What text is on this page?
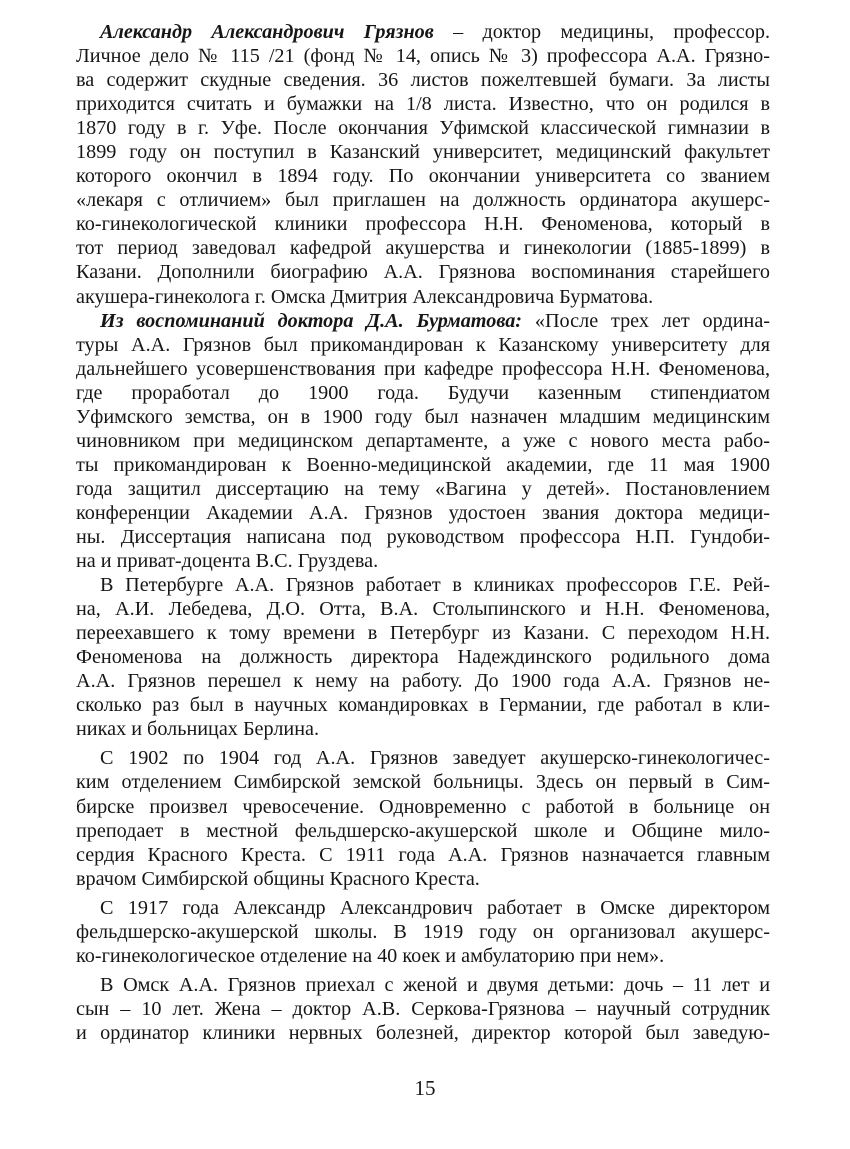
Александр Александрович Грязнов – доктор медицины, профессор.
Личное дело № 115 /21 (фонд № 14, опись № 3) профессора А.А. Грязно-
ва содержит скудные сведения. 36 листов пожелтевшей бумаги. За листы
приходится считать и бумажки на 1/8 листа. Известно, что он родился в
1870 году в г. Уфе. После окончания Уфимской классической гимназии в
1899 году он поступил в Казанский университет, медицинский факультет
которого окончил в 1894 году. По окончании университета со званием
«лекаря с отличием» был приглашен на должность ординатора акушерс-
ко-гинекологической клиники профессора Н.Н. Феноменова, который в
тот период заведовал кафедрой акушерства и гинекологии (1885-1899) в
Казани. Дополнили биографию А.А. Грязнова воспоминания старейшего
акушера-гинеколога г. Омска Дмитрия Александровича Бурматова.
Из воспоминаний доктора Д.А. Бурматова: «После трех лет ордина-
туры А.А. Грязнов был прикомандирован к Казанскому университету для
дальнейшего усовершенствования при кафедре профессора Н.Н. Феноменова,
где проработал до 1900 года. Будучи казенным стипендиатом
Уфимского земства, он в 1900 году был назначен младшим медицинским
чиновником при медицинском департаменте, а уже с нового места рабо-
ты прикомандирован к Военно-медицинской академии, где 11 мая 1900
года защитил диссертацию на тему «Вагина у детей». Постановлением
конференции Академии А.А. Грязнов удостоен звания доктора медици-
ны. Диссертация написана под руководством профессора Н.П. Гундоби-
на и приват-доцента В.С. Груздева.
В Петербурге А.А. Грязнов работает в клиниках профессоров Г.Е. Рей-
на, А.И. Лебедева, Д.О. Отта, В.А. Столыпинского и Н.Н. Феноменова,
переехавшего к тому времени в Петербург из Казани. С переходом Н.Н.
Феноменова на должность директора Надеждинского родильного дома
А.А. Грязнов перешел к нему на работу. До 1900 года А.А. Грязнов не-
сколько раз был в научных командировках в Германии, где работал в кли-
никах и больницах Берлина.
С 1902 по 1904 год А.А. Грязнов заведует акушерско-гинекологичес-
ким отделением Симбирской земской больницы. Здесь он первый в Сим-
бирске произвел чревосечение. Одновременно с работой в больнице он
преподает в местной фельдшерско-акушерской школе и Общине мило-
сердия Красного Креста. С 1911 года А.А. Грязнов назначается главным
врачом Симбирской общины Красного Креста.
С 1917 года Александр Александрович работает в Омске директором
фельдшерско-акушерской школы. В 1919 году он организовал акушерс-
ко-гинекологическое отделение на 40 коек и амбулаторию при нем».
В Омск А.А. Грязнов приехал с женой и двумя детьми: дочь – 11 лет и
сын – 10 лет. Жена – доктор А.В. Серкова-Грязнова – научный сотрудник
и ординатор клиники нервных болезней, директор которой был заведую-
15
